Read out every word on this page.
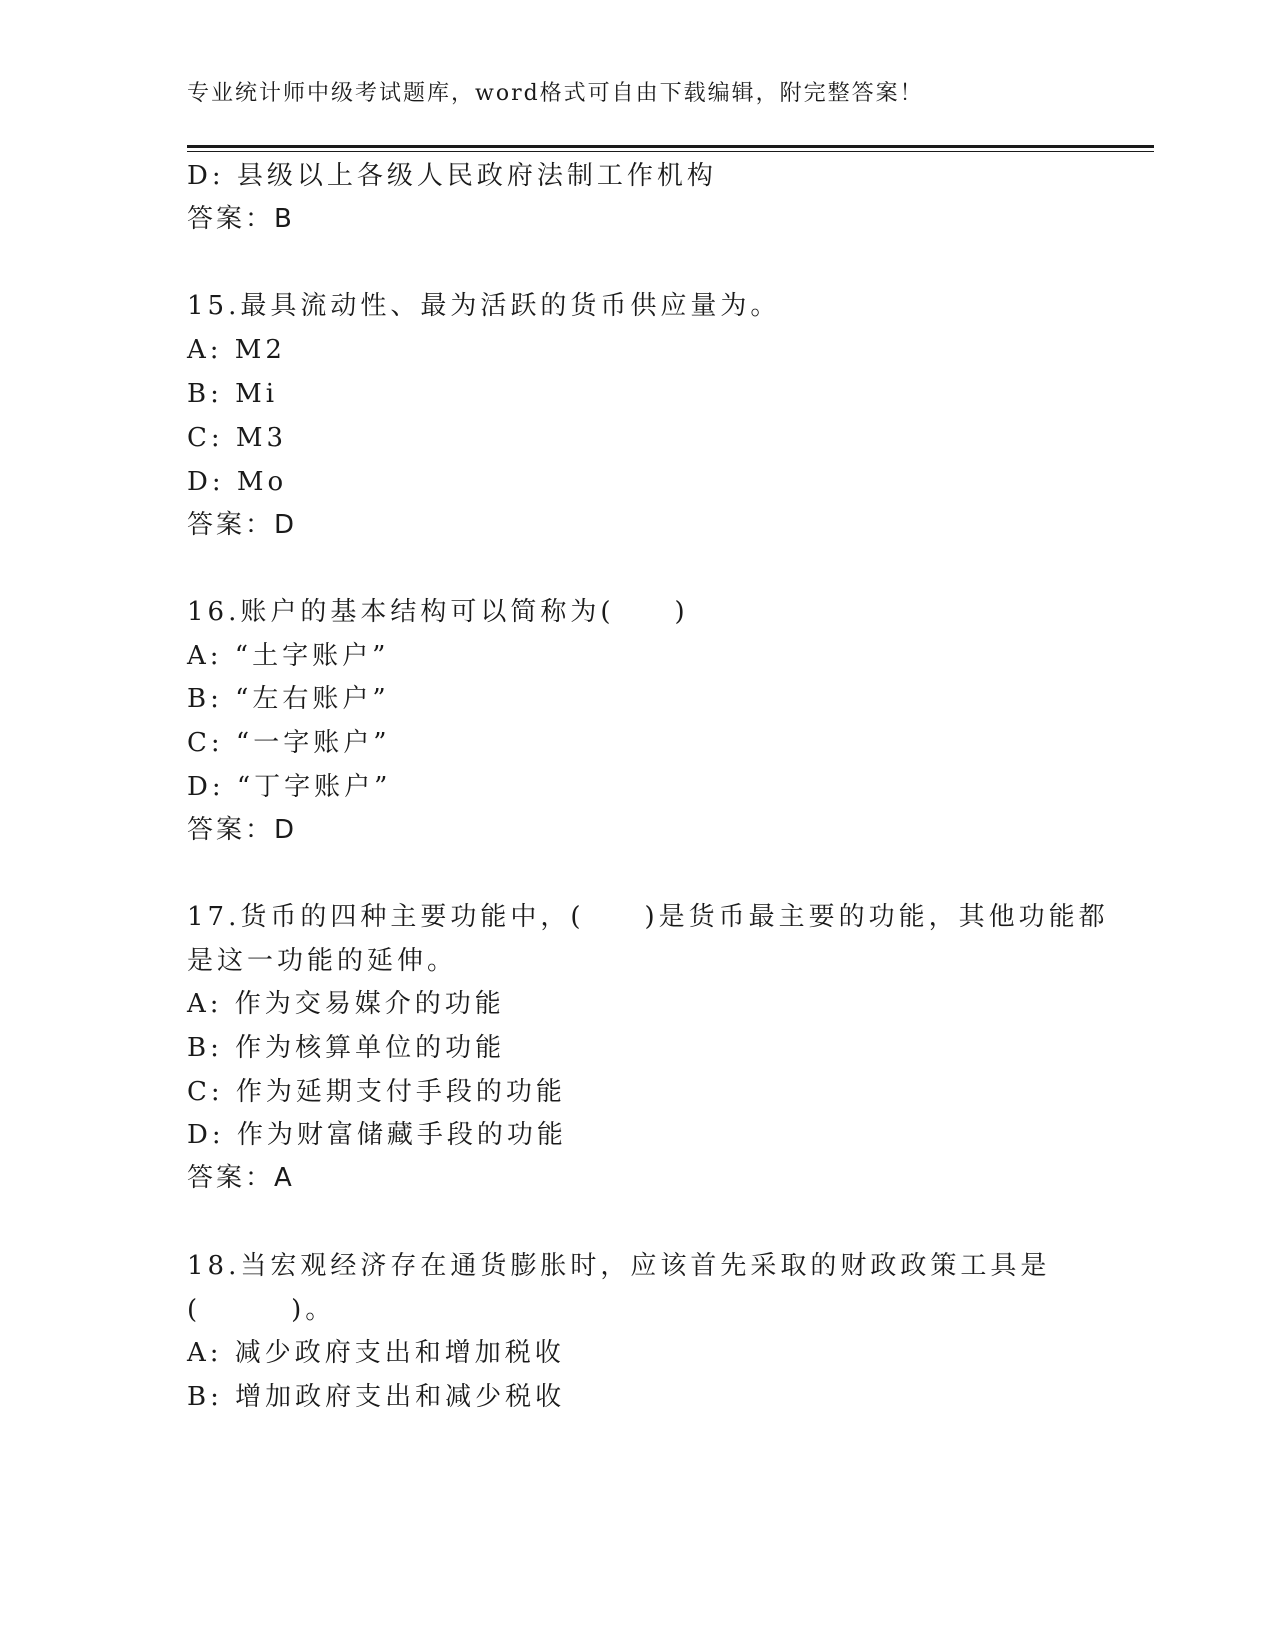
专业统计师中级考试题库，word格式可自由下载编辑，附完整答案！
D: 县级以上各级人民政府法制工作机构
答案：B
15.最具流动性、最为活跃的货币供应量为。
A: M2
B: Mi
C: M3
D: Mo
答案：D
16.账户的基本结构可以简称为(　　)
A: “土字账户”
B: “左右账户”
C: “一字账户”
D: “丁字账户”
答案：D
17.货币的四种主要功能中，(　　)是货币最主要的功能，其他功能都
是这一功能的延伸。
A: 作为交易媒介的功能
B: 作为核算单位的功能
C: 作为延期支付手段的功能
D: 作为财富储藏手段的功能
答案：A
18.当宏观经济存在通货膨胀时，应该首先采取的财政政策工具是
(　　　)。
A: 减少政府支出和增加税收
B: 增加政府支出和减少税收
